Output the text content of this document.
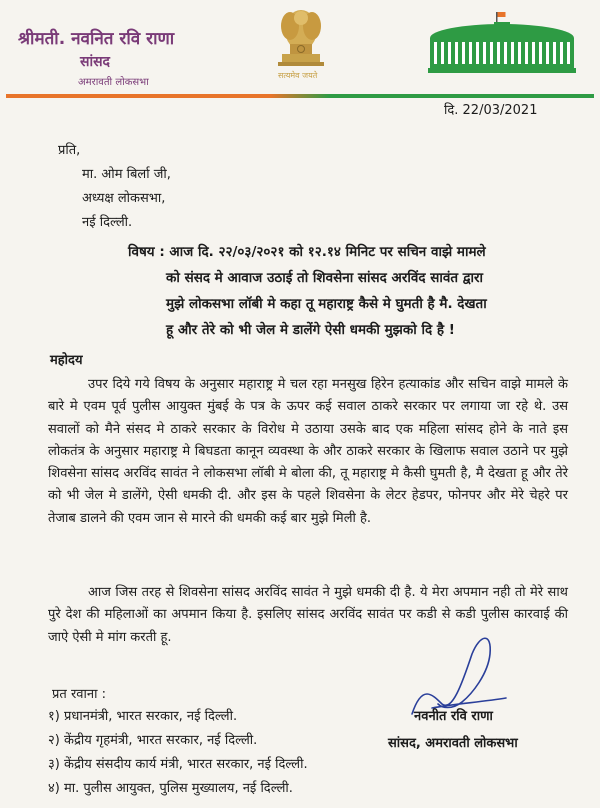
श्रीमती. नवनित रवि राणा
सांसद
अमरावती लोकसभा
सत्यमेव जयते
दि. 22/03/2021
प्रति,
मा. ओम बिर्ला जी,
अध्यक्ष लोकसभा,
नई दिल्ली.
विषय : आज दि. २२/०३/२०२१ को १२.१४ मिनिट पर सचिन वाझे मामले
को संसद मे आवाज उठाई तो शिवसेना सांसद अरविंद सावंत द्वारा
मुझे लोकसभा लॉबी मे कहा तू महाराष्ट्र कैसे मे घुमती है मै. देखता
हू और तेरे को भी जेल मे डालेंगे ऐसी धमकी मुझको दि है !
महोदय
उपर दिये गये विषय के अनुसार महाराष्ट्र मे चल रहा मनसुख हिरेन हत्याकांड और सचिन वाझे मामले के बारे मे एवम पूर्व पुलीस आयुक्त मुंबई के पत्र के ऊपर कई सवाल ठाकरे सरकार पर लगाया जा रहे थे. उस सवालों को मैने संसद मे ठाकरे सरकार के विरोध मे उठाया उसके बाद एक महिला सांसद होने के नाते इस लोकतंत्र के अनुसार महाराष्ट्र मे बिघडता कानून व्यवस्था के और ठाकरे सरकार के खिलाफ सवाल उठाने पर मुझे शिवसेना सांसद अरविंद सावंत ने लोकसभा लॉबी मे बोला की, तू महाराष्ट्र मे कैसी घुमती है, मै देखता हू और तेरे को भी जेल मे डालेंगे, ऐसी धमकी दी. और इस के पहले शिवसेना के लेटर हेडपर, फोनपर और मेरे चेहरे पर तेजाब डालने की एवम जान से मारने की धमकी कई बार मुझे मिली है.
आज जिस तरह से शिवसेना सांसद अरविंद सावंत ने मुझे धमकी दी है. ये मेरा अपमान नही तो मेरे साथ पुरे देश की महिलाओं का अपमान किया है. इसलिए सांसद अरविंद सावंत पर कडी से कडी पुलीस कारवाई की जाऐ ऐसी मे मांग करती हू.
प्रत रवाना :
१) प्रधानमंत्री, भारत सरकार, नई दिल्ली.
२) केंद्रीय गृहमंत्री, भारत सरकार, नई दिल्ली.
३) केंद्रीय संसदीय कार्य मंत्री, भारत सरकार, नई दिल्ली.
४) मा. पुलीस आयुक्त, पुलिस मुख्यालय, नई दिल्ली.
नवनीत रवि राणा
सांसद, अमरावती लोकसभा
